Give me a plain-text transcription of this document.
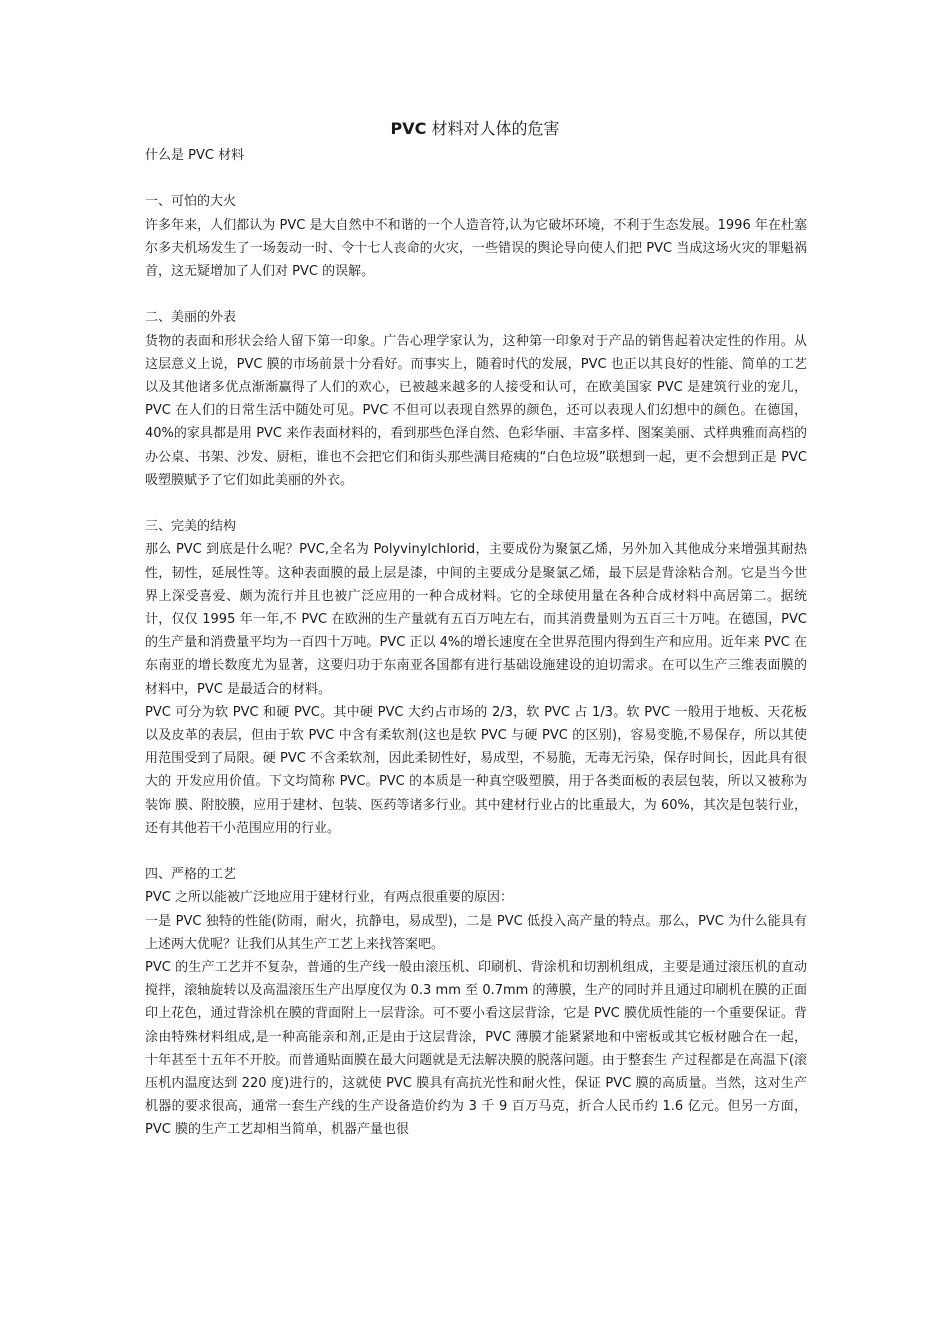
PVC 材料对人体的危害

什么是 PVC 材料

一、可怕的大火

许多年来，人们都认为 PVC 是大自然中不和谐的一个人造音符,认为它破坏环境，不利于生态发展。1996 年在杜塞尔多夫机场发生了一场轰动一时、令十七人丧命的火灾，一些错误的舆论导向使人们把 PVC 当成这场火灾的罪魁祸首，这无疑增加了人们对 PVC 的误解。

二、美丽的外表

货物的表面和形状会给人留下第一印象。广告心理学家认为，这种第一印象对于产品的销售起着决定性的作用。从这层意义上说，PVC 膜的市场前景十分看好。而事实上，随着时代的发展，PVC 也正以其良好的性能、简单的工艺以及其他诸多优点渐渐赢得了人们的欢心，已被越来越多的人接受和认可，在欧美国家 PVC 是建筑行业的宠儿，PVC 在人们的日常生活中随处可见。PVC 不但可以表现自然界的颜色，还可以表现人们幻想中的颜色。在德国，40%的家具都是用 PVC 来作表面材料的，看到那些色泽自然、色彩华丽、丰富多样、图案美丽、式样典雅而高档的办公桌、书架、沙发、厨柜，谁也不会把它们和街头那些满目疮痍的“白色垃圾”联想到一起，更不会想到正是 PVC 吸塑膜赋予了它们如此美丽的外衣。

三、完美的结构

那么 PVC 到底是什么呢？PVC,全名为 Polyvinylchlorid，主要成份为聚氯乙烯，另外加入其他成分来增强其耐热性，韧性，延展性等。这种表面膜的最上层是漆，中间的主要成分是聚氯乙烯，最下层是背涂粘合剂。它是当今世界上深受喜爱、颇为流行并且也被广泛应用的一种合成材料。它的全球使用量在各种合成材料中高居第二。据统计，仅仅 1995 年一年,不 PVC 在欧洲的生产量就有五百万吨左右，而其消费量则为五百三十万吨。在德国，PVC 的生产量和消费量平均为一百四十万吨。PVC 正以 4%的增长速度在全世界范围内得到生产和应用。近年来 PVC 在东南亚的增长数度尤为显著，这要归功于东南亚各国都有进行基础设施建设的迫切需求。在可以生产三维表面膜的材料中，PVC 是最适合的材料。

PVC 可分为软 PVC 和硬 PVC。其中硬 PVC 大约占市场的 2/3，软 PVC 占 1/3。软 PVC 一般用于地板、天花板以及皮革的表层，但由于软 PVC 中含有柔软剂(这也是软 PVC 与硬 PVC 的区别)，容易变脆,不易保存，所以其使用范围受到了局限。硬 PVC 不含柔软剂，因此柔韧性好，易成型，不易脆，无毒无污染，保存时间长，因此具有很大的 开发应用价值。下文均简称 PVC。PVC 的本质是一种真空吸塑膜，用于各类面板的表层包装，所以又被称为装饰 膜、附胶膜，应用于建材、包装、医药等诸多行业。其中建材行业占的比重最大，为 60%，其次是包装行业，还有其他若干小范围应用的行业。

四、严格的工艺

PVC 之所以能被广泛地应用于建材行业，有两点很重要的原因：

一是 PVC 独特的性能(防雨，耐火，抗静电，易成型)，二是 PVC 低投入高产量的特点。那么，PVC 为什么能具有上述两大优呢？让我们从其生产工艺上来找答案吧。

PVC 的生产工艺并不复杂，普通的生产线一般由滚压机、印刷机、背涂机和切割机组成，主要是通过滚压机的直动搅拌，滚轴旋转以及高温滚压生产出厚度仅为 0.3 mm 至 0.7mm 的薄膜，生产的同时并且通过印刷机在膜的正面印上花色，通过背涂机在膜的背面附上一层背涂。可不要小看这层背涂，它是 PVC 膜优质性能的一个重要保证。背涂由特殊材料组成,是一种高能亲和剂,正是由于这层背涂，PVC 薄膜才能紧紧地和中密板或其它板材融合在一起，十年甚至十五年不开胶。而普通贴面膜在最大问题就是无法解决膜的脱落问题。由于整套生 产过程都是在高温下(滚压机内温度达到 220 度)进行的，这就使 PVC 膜具有高抗光性和耐火性，保证 PVC 膜的高质量。当然，这对生产机器的要求很高，通常一套生产线的生产设备造价约为 3 千 9 百万马克，折合人民币约 1.6 亿元。但另一方面，PVC 膜的生产工艺却相当简单，机器产量也很
